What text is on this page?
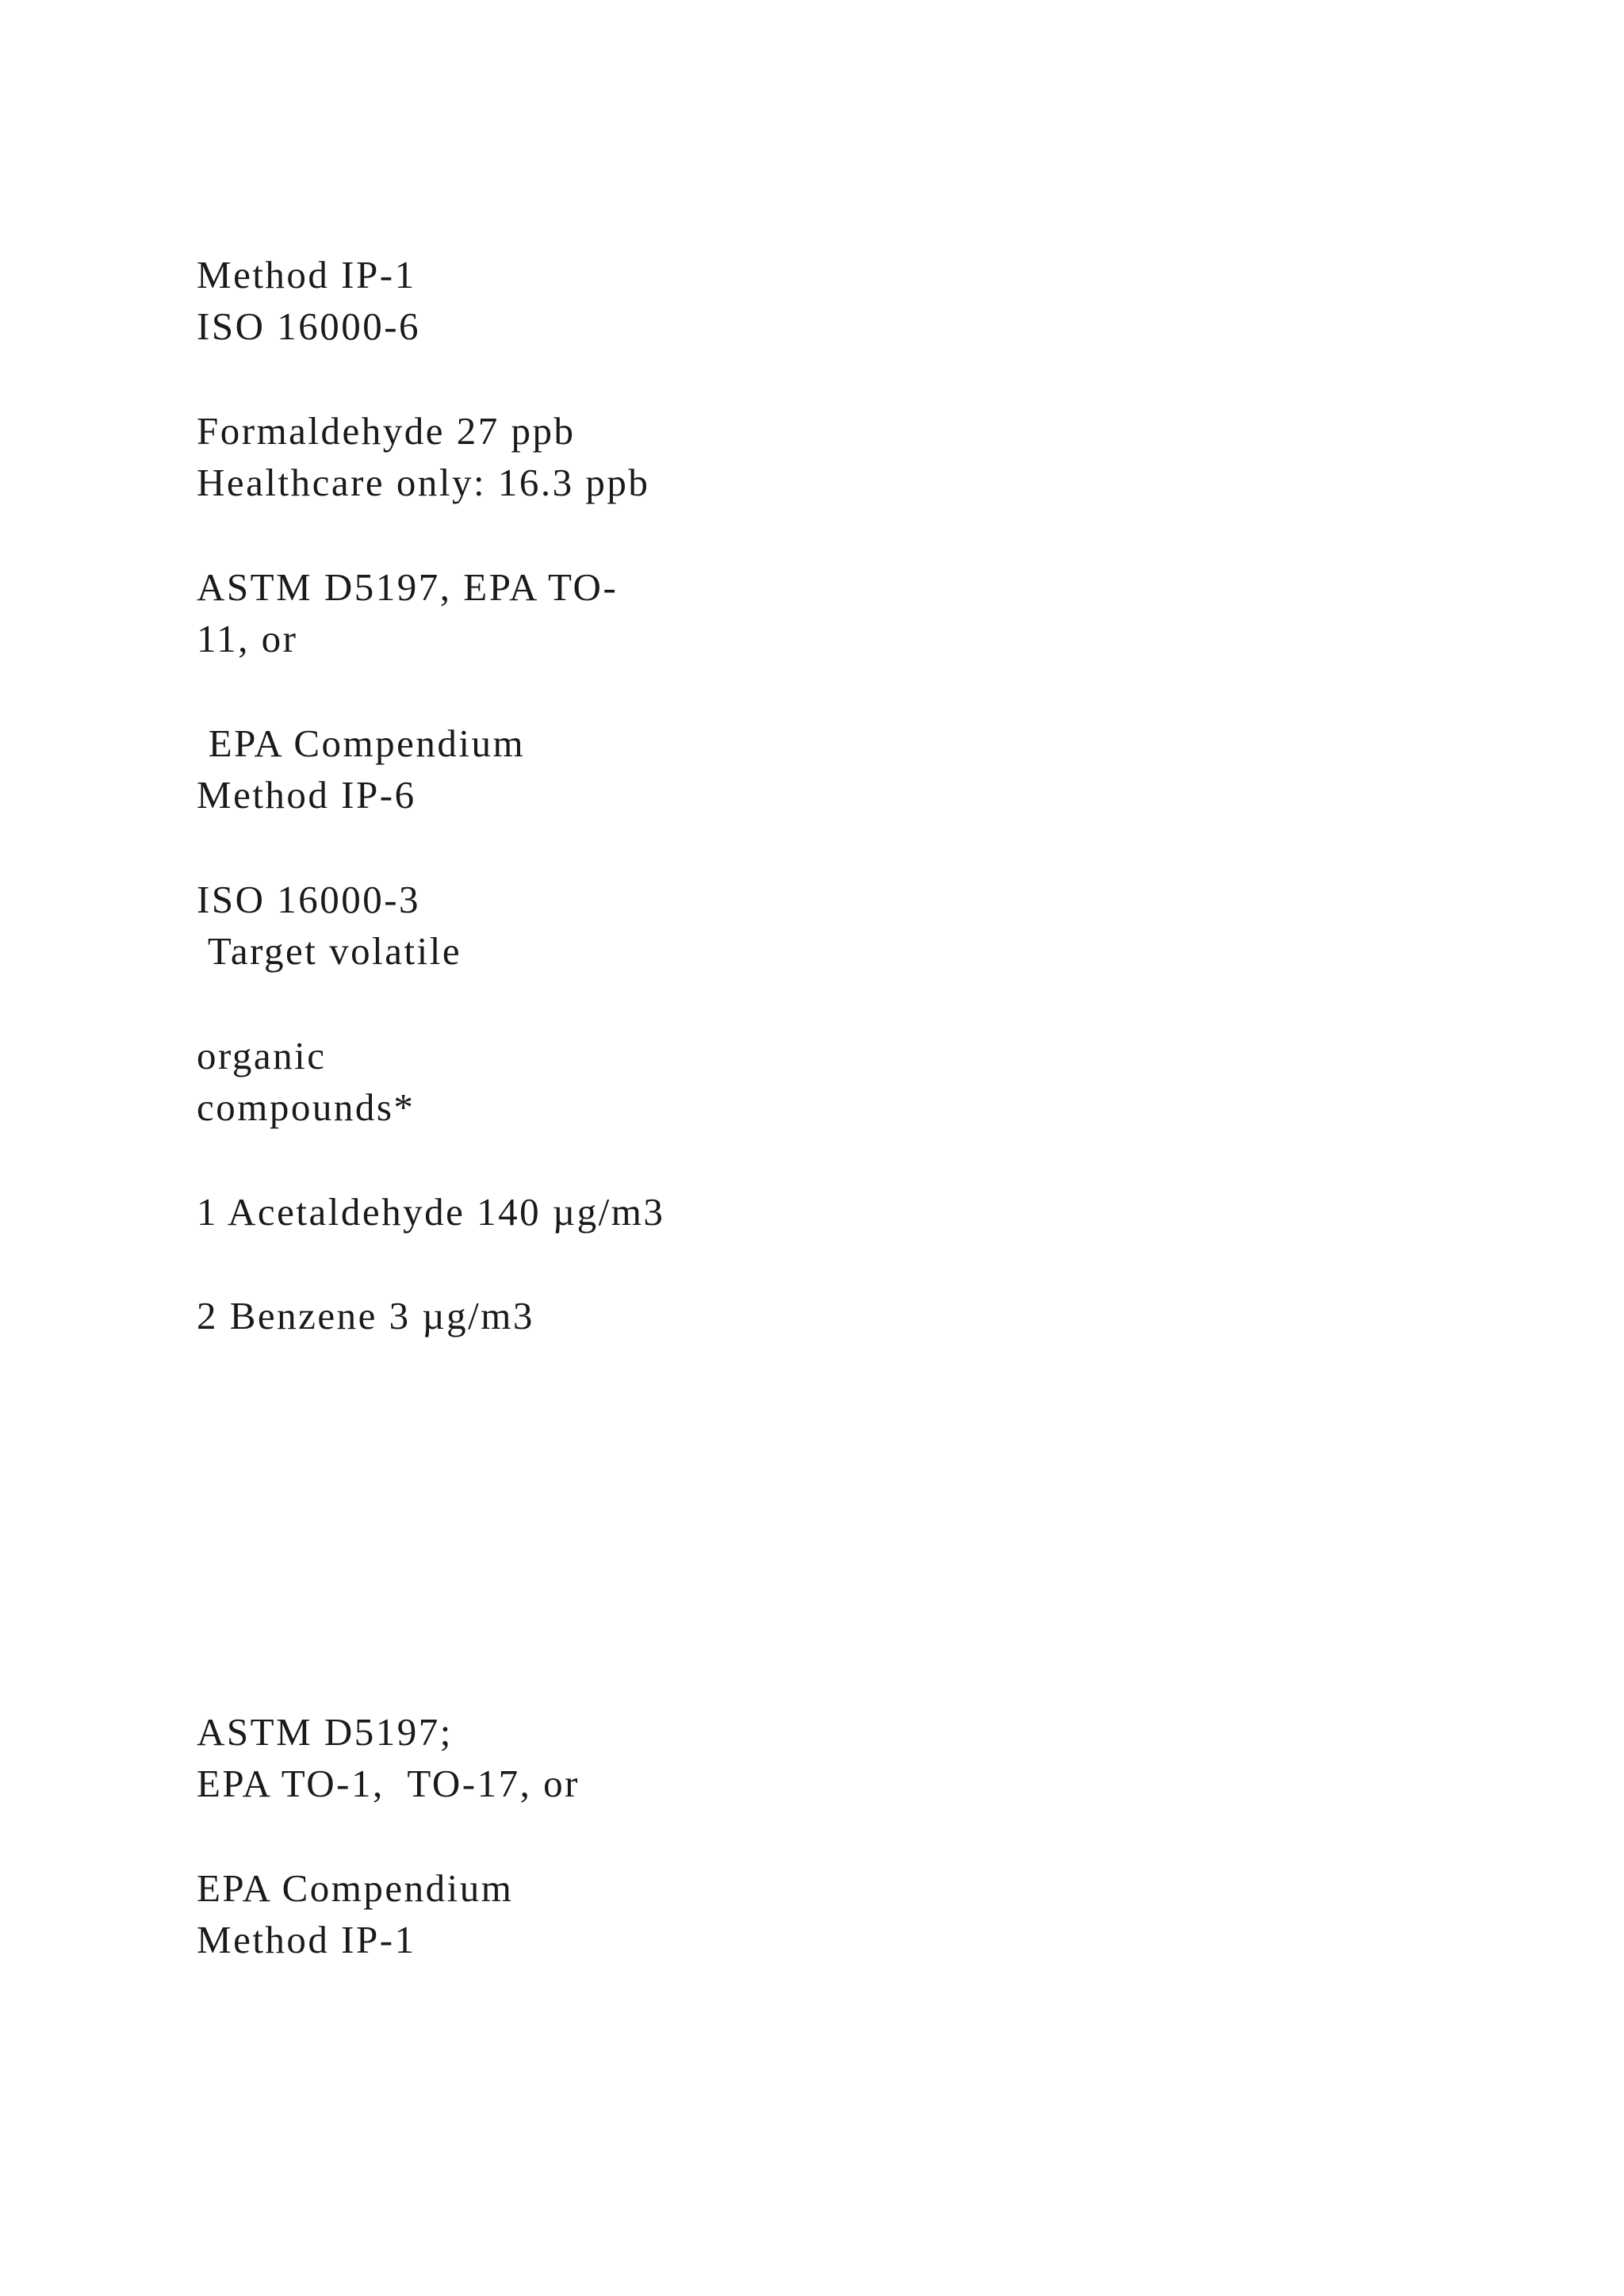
Method IP-1
ISO 16000-6
Formaldehyde 27 ppb
Healthcare only: 16.3 ppb
ASTM D5197, EPA TO-
11, or
EPA Compendium
Method IP-6
ISO 16000-3
Target volatile
organic
compounds*
1 Acetaldehyde 140 µg/m3
2 Benzene 3 µg/m3
ASTM D5197;
EPA TO-1,  TO-17, or
EPA Compendium
Method IP-1
